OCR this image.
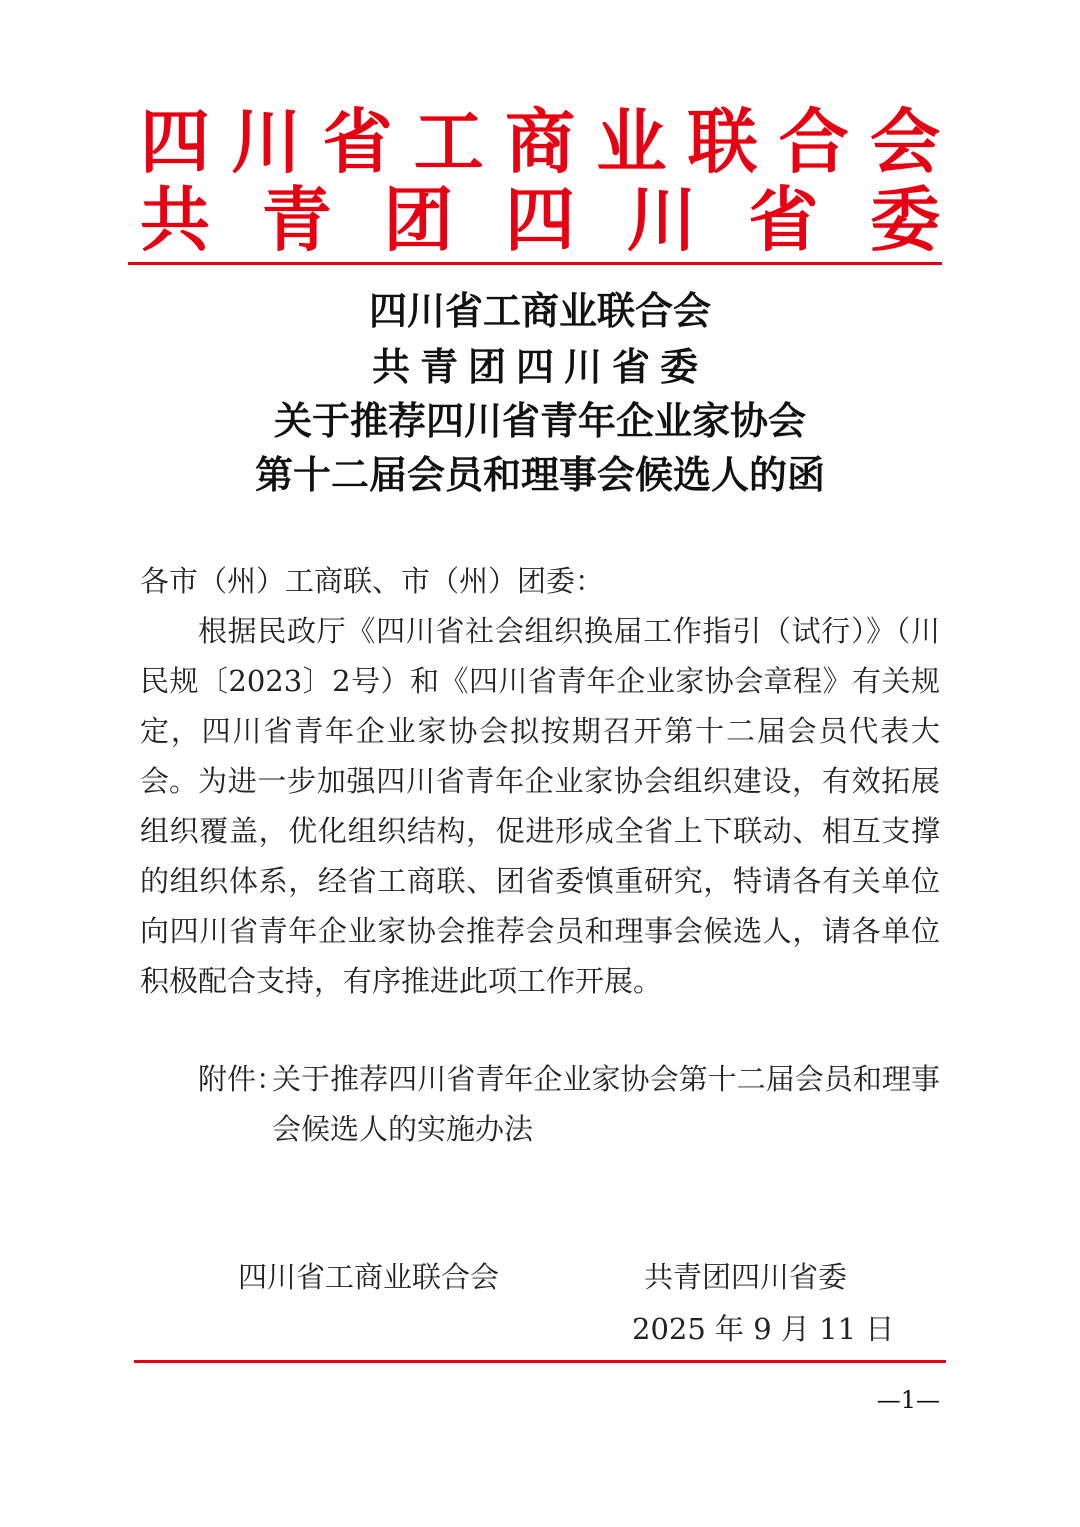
四川省工商业联合会
共青团四川省委
四川省工商业联合会
共青团四川省委
关于推荐四川省青年企业家协会
第十二届会员和理事会候选人的函
各市（州）工商联、市（州）团委：
根据民政厅《四川省社会组织换届工作指引（试行）》（川民规〔2023〕2号）和《四川省青年企业家协会章程》有关规定，四川省青年企业家协会拟按期召开第十二届会员代表大会。 为进一步加强四川省青年企业家协会组织建设，有效拓展组织覆盖，优化组织结构，促进形成全省上下联动、相互支撑的组织体系，经省工商联、团省委慎重研究，特请各有关单位向四川省青年企业家协会推荐会员和理事会候选人，请各单位积极配合支持，有序推进此项工作开展。
附件：
关于推荐四川省青年企业家协会第十二届会员和理事会候选人的实施办法
四川省工商业联合会	共青团四川省委
2025 年 9 月 11 日
—1—
